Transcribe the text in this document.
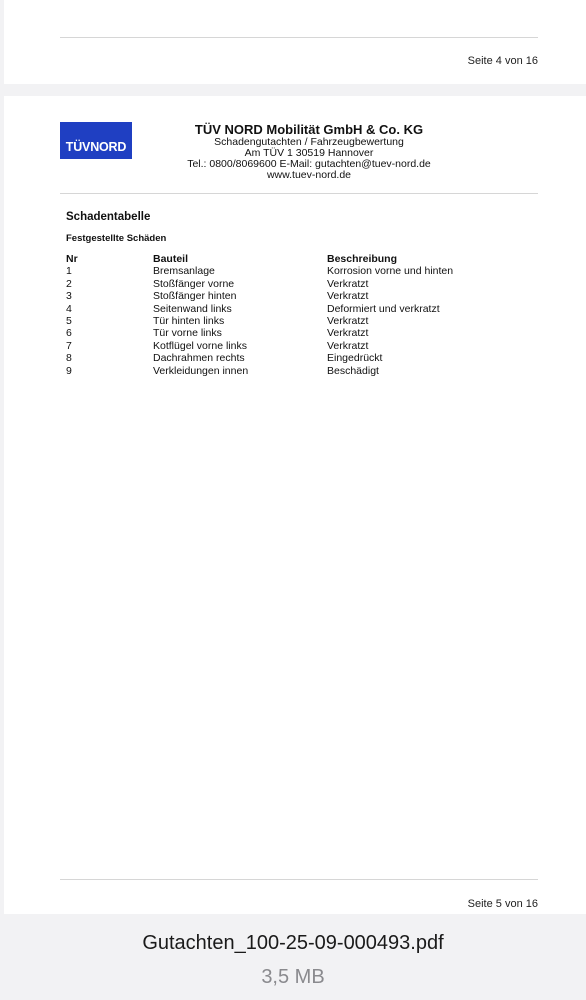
Seite 4 von 16
TÜVNORD
TÜV NORD Mobilität GmbH & Co. KG
Schadengutachten / Fahrzeugbewertung
Am TÜV 1 30519 Hannover
Tel.: 0800/8069600 E-Mail: gutachten@tuev-nord.de
www.tuev-nord.de
Schadentabelle
Festgestellte Schäden
Nr	Bauteil	Beschreibung
1	Bremsanlage	Korrosion vorne und hinten
2	Stoßfänger vorne	Verkratzt
3	Stoßfänger hinten	Verkratzt
4	Seitenwand links	Deformiert und verkratzt
5	Tür hinten links	Verkratzt
6	Tür vorne links	Verkratzt
7	Kotflügel vorne links	Verkratzt
8	Dachrahmen rechts	Eingedrückt
9	Verkleidungen innen	Beschädigt
Seite 5 von 16
Gutachten_100-25-09-000493.pdf
3,5 MB
